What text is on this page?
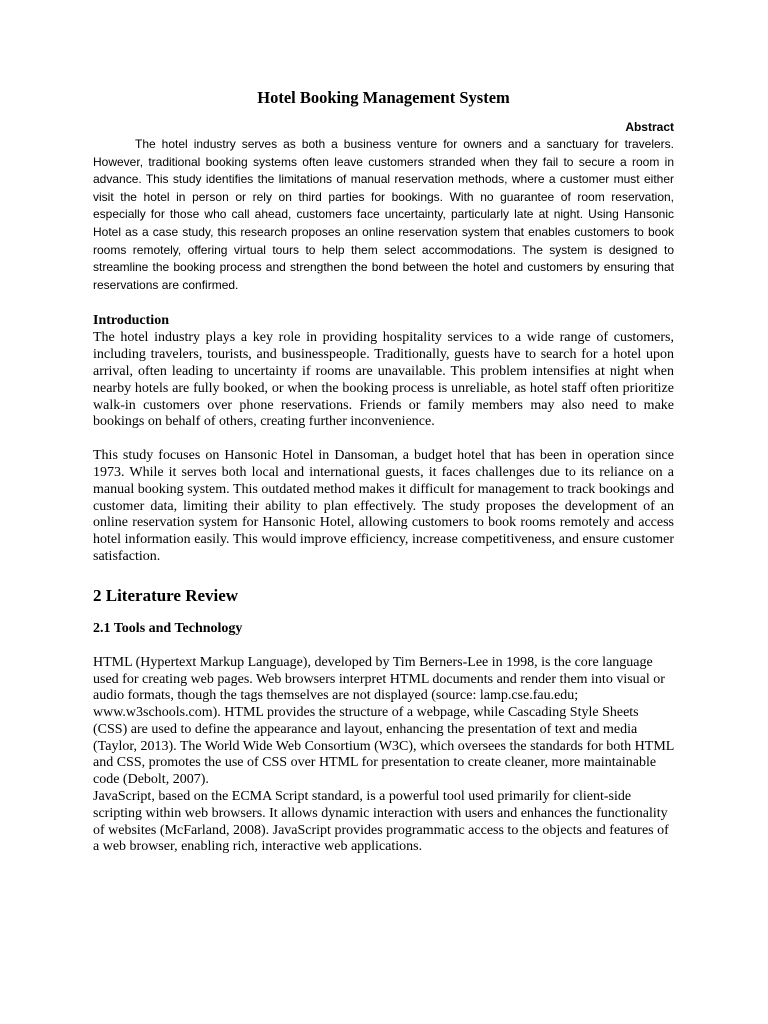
Hotel Booking Management System
Abstract

The hotel industry serves as both a business venture for owners and a sanctuary for travelers. However, traditional booking systems often leave customers stranded when they fail to secure a room in advance. This study identifies the limitations of manual reservation methods, where a customer must either visit the hotel in person or rely on third parties for bookings. With no guarantee of room reservation, especially for those who call ahead, customers face uncertainty, particularly late at night. Using Hansonic Hotel as a case study, this research proposes an online reservation system that enables customers to book rooms remotely, offering virtual tours to help them select accommodations. The system is designed to streamline the booking process and strengthen the bond between the hotel and customers by ensuring that reservations are confirmed.

Introduction

The hotel industry plays a key role in providing hospitality services to a wide range of customers, including travelers, tourists, and businesspeople. Traditionally, guests have to search for a hotel upon arrival, often leading to uncertainty if rooms are unavailable. This problem intensifies at night when nearby hotels are fully booked, or when the booking process is unreliable, as hotel staff often prioritize walk-in customers over phone reservations. Friends or family members may also need to make bookings on behalf of others, creating further inconvenience.

This study focuses on Hansonic Hotel in Dansoman, a budget hotel that has been in operation since 1973. While it serves both local and international guests, it faces challenges due to its reliance on a manual booking system. This outdated method makes it difficult for management to track bookings and customer data, limiting their ability to plan effectively. The study proposes the development of an online reservation system for Hansonic Hotel, allowing customers to book rooms remotely and access hotel information easily. This would improve efficiency, increase competitiveness, and ensure customer satisfaction.

2 Literature Review
2.1 Tools and Technology

HTML (Hypertext Markup Language), developed by Tim Berners-Lee in 1998, is the core language used for creating web pages. Web browsers interpret HTML documents and render them into visual or audio formats, though the tags themselves are not displayed (source: lamp.cse.fau.edu; www.w3schools.com). HTML provides the structure of a webpage, while Cascading Style Sheets (CSS) are used to define the appearance and layout, enhancing the presentation of text and media (Taylor, 2013). The World Wide Web Consortium (W3C), which oversees the standards for both HTML and CSS, promotes the use of CSS over HTML for presentation to create cleaner, more maintainable code (Debolt, 2007).

JavaScript, based on the ECMA Script standard, is a powerful tool used primarily for client-side scripting within web browsers. It allows dynamic interaction with users and enhances the functionality of websites (McFarland, 2008). JavaScript provides programmatic access to the objects and features of a web browser, enabling rich, interactive web applications.
